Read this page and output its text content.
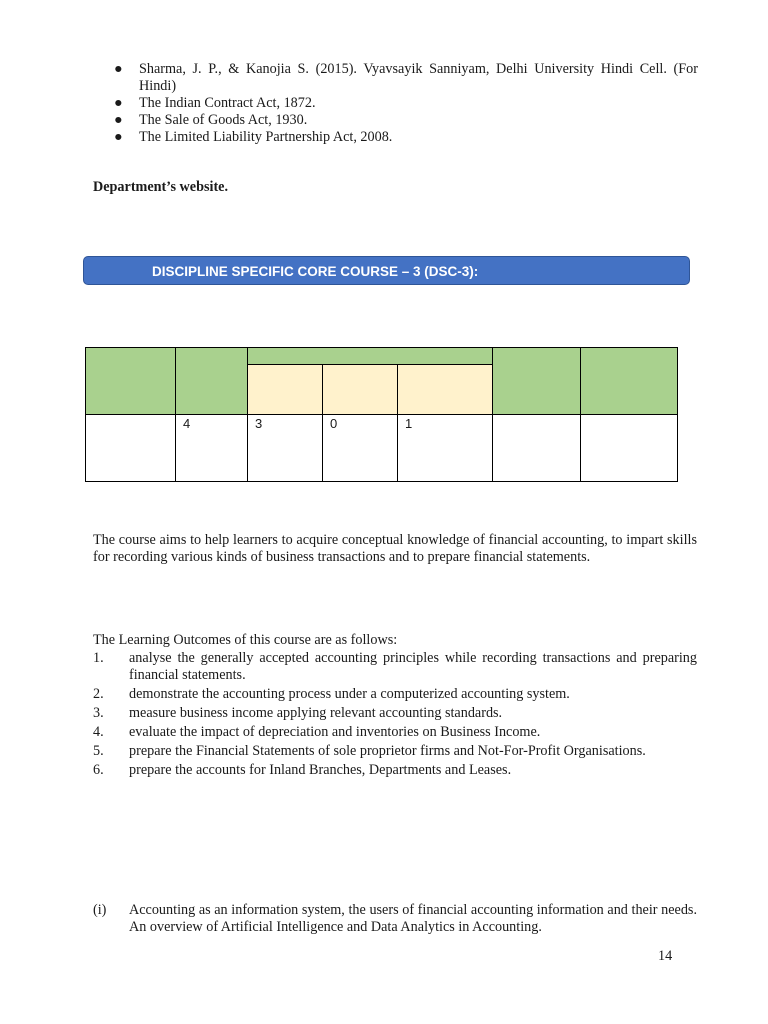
● Sharma, J. P., & Kanojia S. (2015). Vyavsayik Sanniyam, Delhi University Hindi Cell. (For Hindi)
● The Indian Contract Act, 1872.
● The Sale of Goods Act, 1930.
● The Limited Liability Partnership Act, 2008.
Department’s website.
DISCIPLINE SPECIFIC CORE COURSE – 3 (DSC-3):

	4	3	0	1		

The course aims to help learners to acquire conceptual knowledge of financial accounting, to impart skills for recording various kinds of business transactions and to prepare financial statements.

The Learning Outcomes of this course are as follows:
1. analyse the generally accepted accounting principles while recording transactions and preparing financial statements.
2. demonstrate the accounting process under a computerized accounting system.
3. measure business income applying relevant accounting standards.
4. evaluate the impact of depreciation and inventories on Business Income.
5. prepare the Financial Statements of sole proprietor firms and Not-For-Profit Organisations.
6. prepare the accounts for Inland Branches, Departments and Leases.
(i)	Accounting as an information system, the users of financial accounting information and their needs. An overview of Artificial Intelligence and Data Analytics in Accounting.
14
